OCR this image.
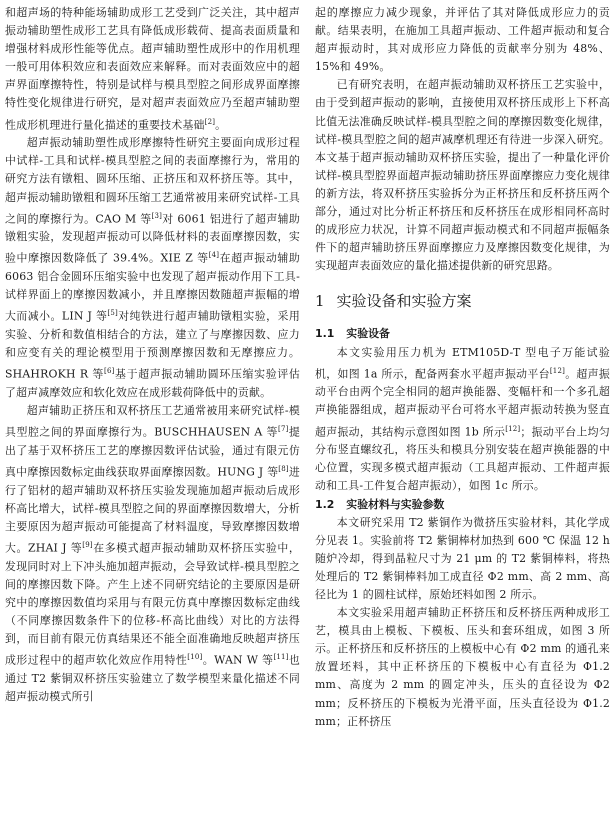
和超声场的特种能场辅助成形工艺受到广泛关注，其中超声振动辅助塑性成形工艺具有降低成形载荷、提高表面质量和增强材料成形性能等优点。超声辅助塑性成形中的作用机理一般可用体积效应和表面效应来解释。而对表面效应中的超声界面摩擦特性，特别是试样与模具型腔之间形成界面摩擦特性变化规律进行研究，是对超声表面效应乃至超声辅助塑性成形机理进行量化描述的重要技术基础[2]。

超声振动辅助塑性成形摩擦特性研究主要面向成形过程中试样-工具和试样-模具型腔之间的表面摩擦行为，常用的研究方法有镦粗、圆环压缩、正挤压和双杯挤压等。其中，超声振动辅助镦粗和圆环压缩工艺通常被用来研究试样-工具之间的摩擦行为。CAO M 等[3]对 6061 铝进行了超声辅助镦粗实验，发现超声振动可以降低材料的表面摩擦因数，实验中摩擦因数降低了 39.4%。XIE Z 等[4]在超声振动辅助 6063 铝合金圆环压缩实验中也发现了超声振动作用下工具-试样界面上的摩擦因数减小，并且摩擦因数随超声振幅的增大而减小。LIN J 等[5]对纯铁进行超声辅助镦粗实验，采用实验、分析和数值相结合的方法，建立了与摩擦因数、应力和应变有关的理论模型用于预测摩擦因数和无摩擦应力。SHAHROKH R 等[6]基于超声振动辅助圆环压缩实验评估了超声减摩效应和软化效应在成形载荷降低中的贡献。

超声辅助正挤压和双杯挤压工艺通常被用来研究试样-模具型腔之间的界面摩擦行为。BUSCHHAUSEN A 等[7]提出了基于双杯挤压工艺的摩擦因数评估试验，通过有限元仿真中摩擦因数标定曲线获取界面摩擦因数。HUNG J 等[8]进行了铝材的超声辅助双杯挤压实验发现施加超声振动后成形杯高比增大，试样-模具型腔之间的界面摩擦因数增大，分析主要原因为超声振动可能提高了材料温度，导致摩擦因数增大。ZHAI J 等[9]在多模式超声振动辅助双杯挤压实验中，发现同时对上下冲头施加超声振动，会导致试样-模具型腔之间的摩擦因数下降。产生上述不同研究结论的主要原因是研究中的摩擦因数值均采用与有限元仿真中摩擦因数标定曲线（不同摩擦因数条件下的位移-杯高比曲线）对比的方法得到，而目前有限元仿真结果还不能全面准确地反映超声挤压成形过程中的超声软化效应作用特性[10]。WAN W 等[11]也通过 T2 紫铜双杯挤压实验建立了数学模型来量化描述不同超声振动模式所引

起的摩擦应力减少现象，并评估了其对降低成形应力的贡献。结果表明，在施加工具超声振动、工件超声振动和复合超声振动时，其对成形应力降低的贡献率分别为 48%、15%和 49%。

已有研究表明，在超声振动辅助双杯挤压工艺实验中，由于受到超声振动的影响，直接使用双杯挤压成形上下杯高比值无法准确反映试样-模具型腔之间的摩擦因数变化规律，试样-模具型腔之间的超声减摩机理还有待进一步深入研究。本文基于超声振动辅助双杯挤压实验，提出了一种量化评价试样-模具型腔界面超声振动辅助挤压界面摩擦应力变化规律的新方法，将双杯挤压实验拆分为正杯挤压和反杯挤压两个部分，通过对比分析正杯挤压和反杯挤压在成形相同杯高时的成形应力状况，计算不同超声振动模式和不同超声振幅条件下的超声辅助挤压界面摩擦应力及摩擦因数变化规律，为实现超声表面效应的量化描述提供新的研究思路。

1 实验设备和实验方案
1.1 实验设备

本文实验用压力机为 ETM105D-T 型电子万能试验机，如图 1a 所示，配备两套水平超声振动平台[12]。超声振动平台由两个完全相同的超声换能器、变幅杆和一个多孔超声换能器组成，超声振动平台可将水平超声振动转换为竖直超声振动，其结构示意图如图 1b 所示[12]；振动平台上均匀分布竖直螺纹孔，将压头和模具分别安装在超声换能器的中心位置，实现多模式超声振动（工具超声振动、工件超声振动和工具-工件复合超声振动），如图 1c 所示。

1.2 实验材料与实验参数

本文研究采用 T2 紫铜作为微挤压实验材料，其化学成分见表 1。实验前将 T2 紫铜棒材加热到 600 ℃ 保温 12 h 随炉冷却，得到晶粒尺寸为 21 μm 的 T2 紫铜棒料，将热处理后的 T2 紫铜棒料加工成直径 Φ2 mm、高 2 mm、高径比为 1 的圆柱试样，原始坯料如图 2 所示。

本文实验采用超声辅助正杯挤压和反杯挤压两种成形工艺，模具由上模板、下模板、压头和套环组成，如图 3 所示。正杯挤压和反杯挤压的上模板中心有 Φ2 mm 的通孔来放置坯料，其中正杯挤压的下模板中心有直径为 Φ1.2 mm、高度为 2 mm 的圆定冲头，压头的直径设为 Φ2 mm；反杯挤压的下模板为光滑平面，压头直径设为 Φ1.2 mm；正杯挤压
